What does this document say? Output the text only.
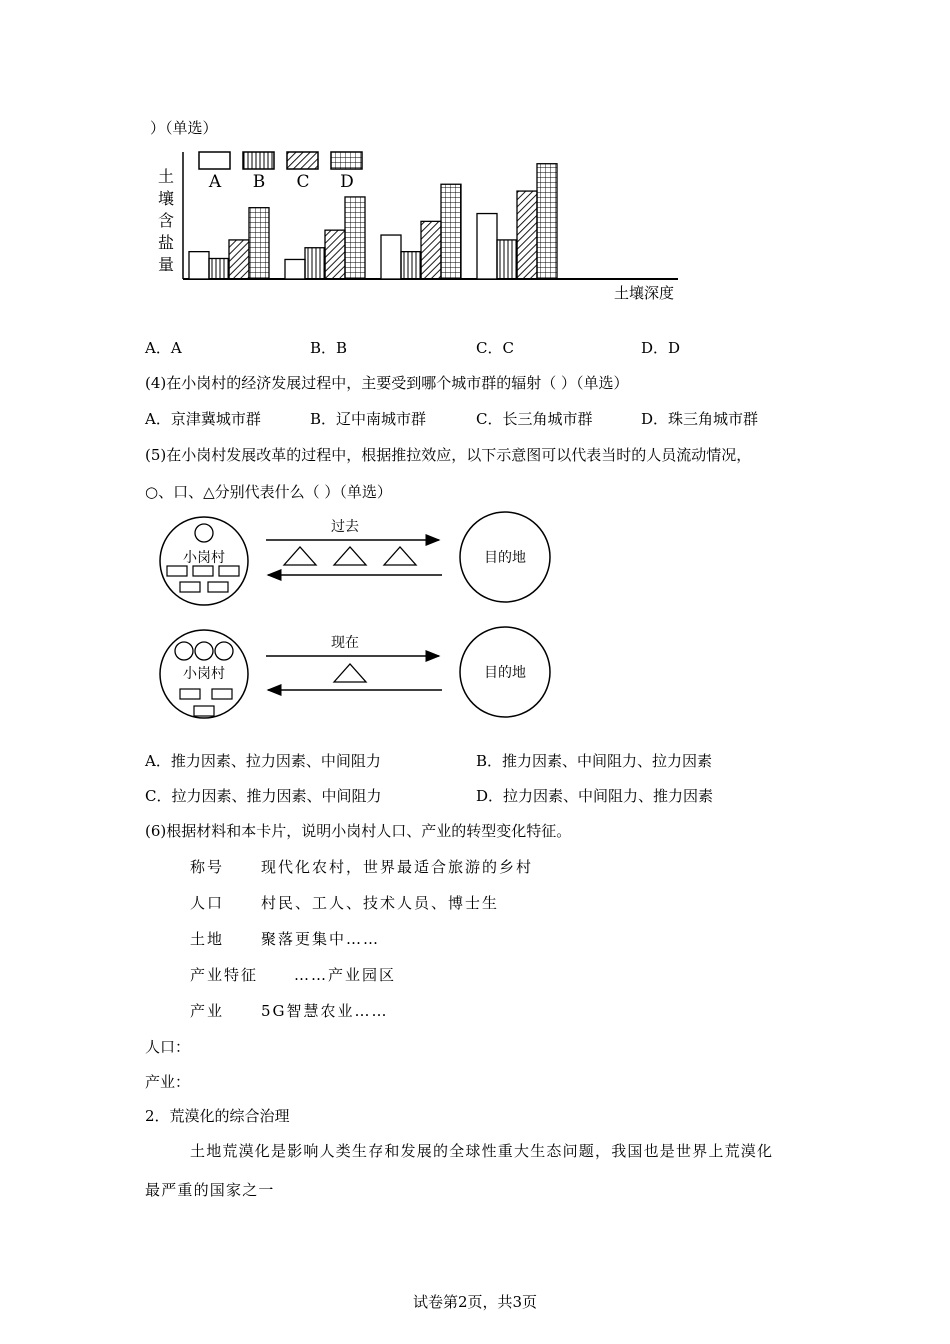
）（单选）
土
壤
含
盐
量
土壤深度
A B C D
A．A	B．B	C．C	D．D
(4)在小岗村的经济发展过程中，主要受到哪个城市群的辐射（ ）（单选）
A．京津冀城市群	B．辽中南城市群	C．长三角城市群	D．珠三角城市群
(5)在小岗村发展改革的过程中，根据推拉效应，以下示意图可以代表当时的人员流动情况，
○、口、△分别代表什么（ ）（单选）
小岗村
过去
目的地
小岗村
现在
目的地
A．推力因素、拉力因素、中间阻力	B．推力因素、中间阻力、拉力因素
C．拉力因素、推力因素、中间阻力	D．拉力因素、中间阻力、推力因素
(6)根据材料和本卡片，说明小岗村人口、产业的转型变化特征。
称号 现代化农村，世界最适合旅游的乡村
人口 村民、工人、技术人员、博士生
土地 聚落更集中……
产业特征 ……产业园区
产业 5G智慧农业……
人口：
产业：
2．荒漠化的综合治理
土地荒漠化是影响人类生存和发展的全球性重大生态问题，我国也是世界上荒漠化
最严重的国家之一
试卷第2页，共3页
